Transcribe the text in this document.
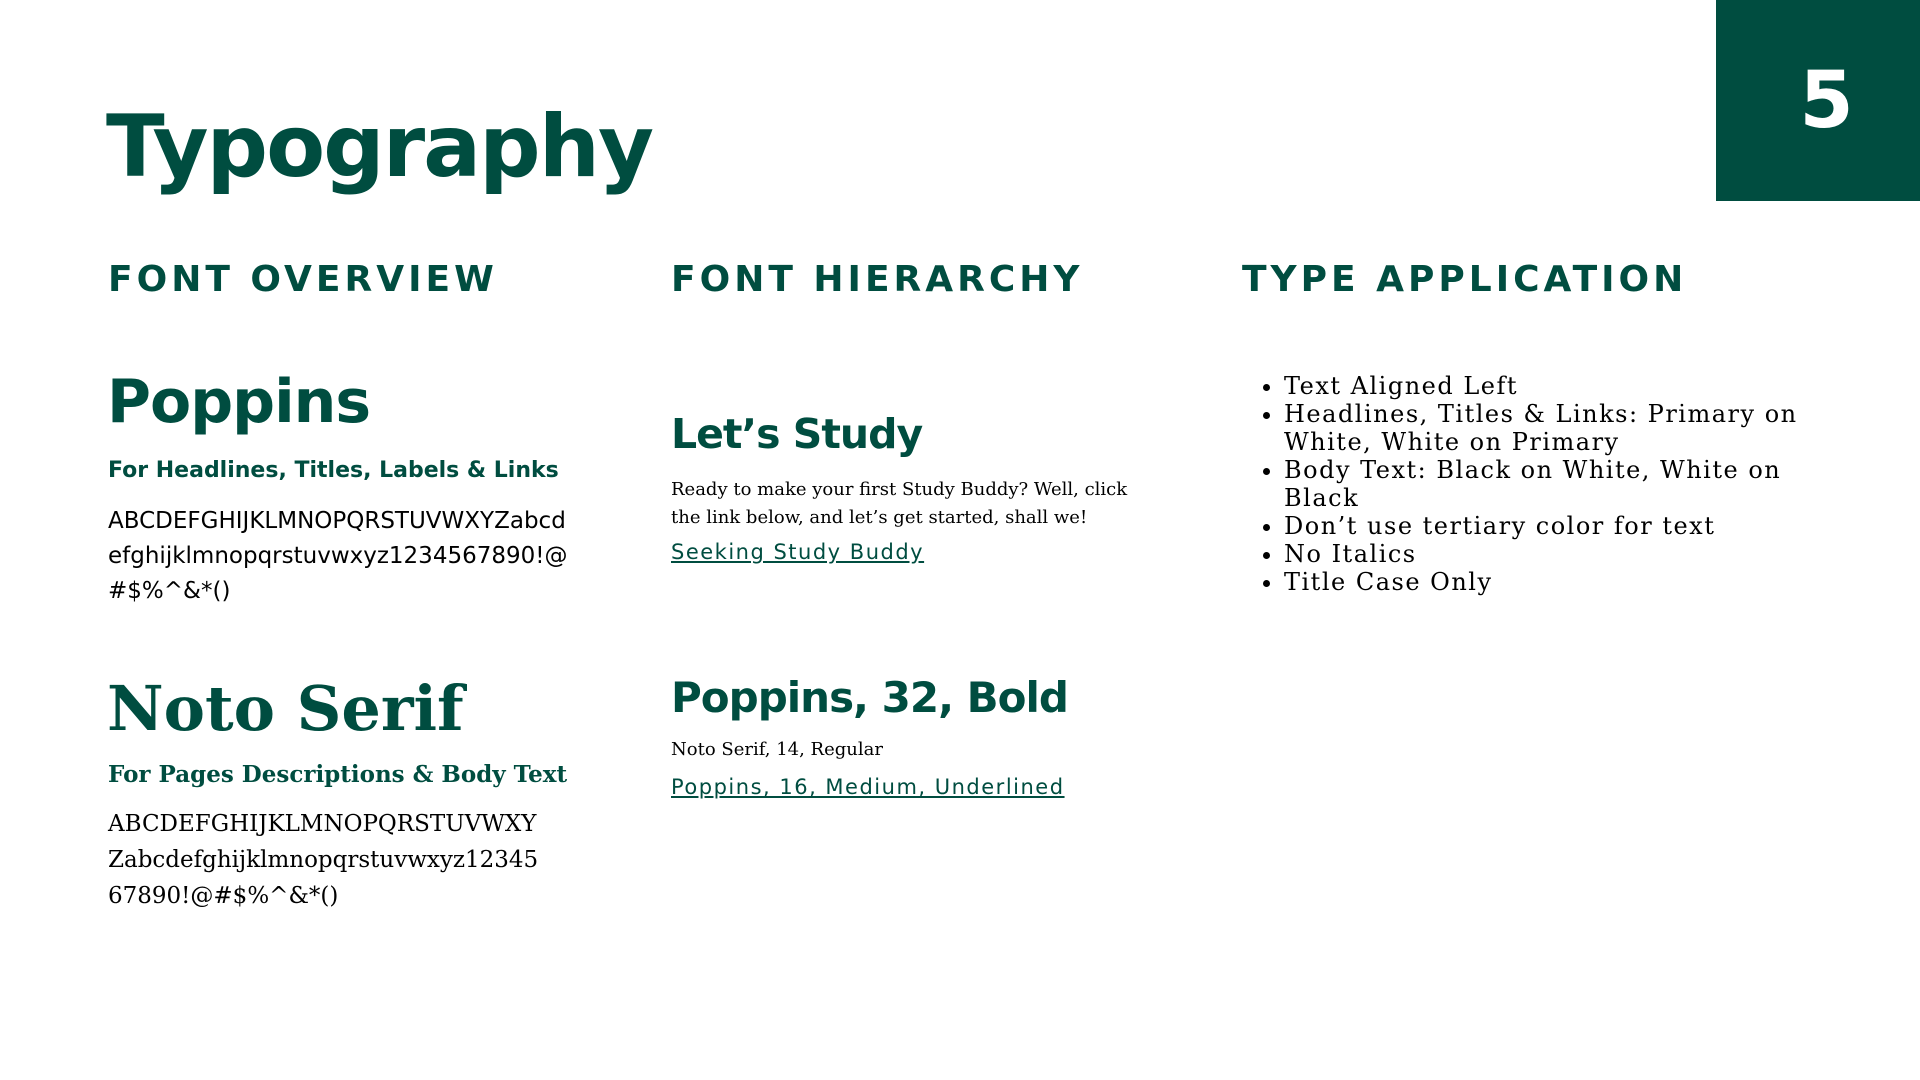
5
Typography
FONT OVERVIEW	FONT HIERARCHY	TYPE APPLICATION
Poppins

For Headlines, Titles, Labels & Links

ABCDEFGHIJKLMNOPQRSTUVWXYZabcdefghijklmnopqrstuvwxyz1234567890!@#$%^&*()

Noto Serif

For Pages Descriptions & Body Text

ABCDEFGHIJKLMNOPQRSTUVWXYZabcdefghijklmnopqrstuvwxyz1234567890!@#$%^&*()

Let’s Study

Ready to make your first Study Buddy? Well, click the link below, and let’s get started, shall we!

Seeking Study Buddy
Poppins, 32, Bold

Noto Serif, 14, Regular

Poppins, 16, Medium, Underlined
• Text Aligned Left
• Headlines, Titles & Links: Primary on White, White on Primary
• Body Text: Black on White, White on Black
• Don’t use tertiary color for text
• No Italics
• Title Case Only
